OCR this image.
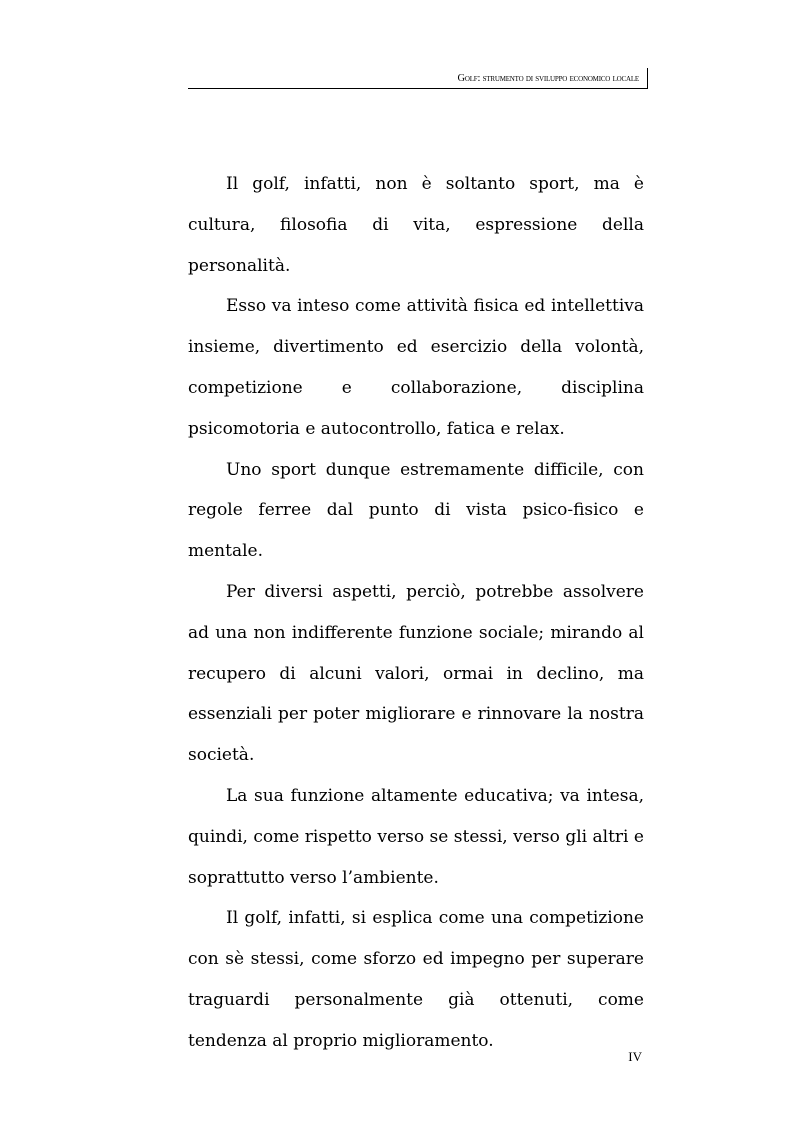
Golf: strumento di sviluppo economico locale

Il golf, infatti, non è soltanto sport, ma è cultura, filosofia di vita, espressione della personalità.

Esso va inteso come attività fisica ed intellettiva insieme, divertimento ed esercizio della volontà, competizione e collaborazione, disciplina psicomotoria e autocontrollo, fatica e relax.

Uno sport dunque estremamente difficile, con regole ferree dal punto di vista psico-fisico e mentale.

Per diversi aspetti, perciò, potrebbe assolvere ad una non indifferente funzione sociale; mirando al recupero di alcuni valori, ormai in declino, ma essenziali per poter migliorare e rinnovare la nostra società.

La sua funzione altamente educativa; va intesa, quindi, come rispetto verso se stessi, verso gli altri e soprattutto verso l’ambiente.

Il golf, infatti, si esplica come una competizione con sè stessi, come sforzo ed impegno per superare traguardi personalmente già ottenuti, come tendenza al proprio miglioramento.

IV
